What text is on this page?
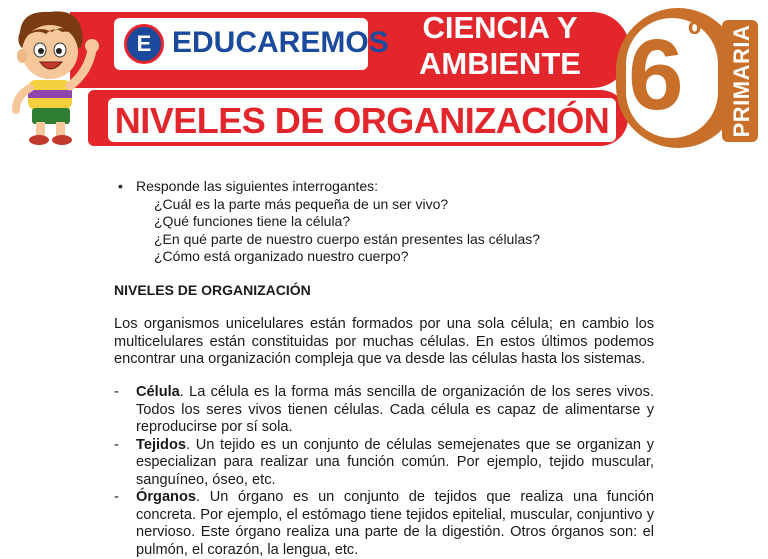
E EDUCAREMOS	CIENCIA Y
AMBIENTE
NIVELES DE ORGANIZACIÓN 6 º PRIMARIA
• Responde las siguientes interrogantes:
¿Cuál es la parte más pequeña de un ser vivo?
¿Qué funciones tiene la célula?
¿En qué parte de nuestro cuerpo están presentes las células?
¿Cómo está organizado nuestro cuerpo?
NIVELES DE ORGANIZACIÓN

Los organismos unicelulares están formados por una sola célula; en cambio los multicelulares están constituidas por muchas células. En estos últimos podemos encontrar una organización compleja que va desde las células hasta los sistemas.

- Célula. La célula es la forma más sencilla de organización de los seres vivos. Todos los seres vivos tienen células. Cada célula es capaz de alimentarse y reproducirse por sí sola.
- Tejidos. Un tejido es un conjunto de células semejenates que se organizan y especializan para realizar una función común. Por ejemplo, tejido muscular, sanguíneo, óseo, etc.
- Órganos. Un órgano es un conjunto de tejidos que realiza una función concreta. Por ejemplo, el estómago tiene tejidos epitelial, muscular, conjuntivo y nervioso. Este órgano realiza una parte de la digestión. Otros órganos son: el pulmón, el corazón, la lengua, etc.
